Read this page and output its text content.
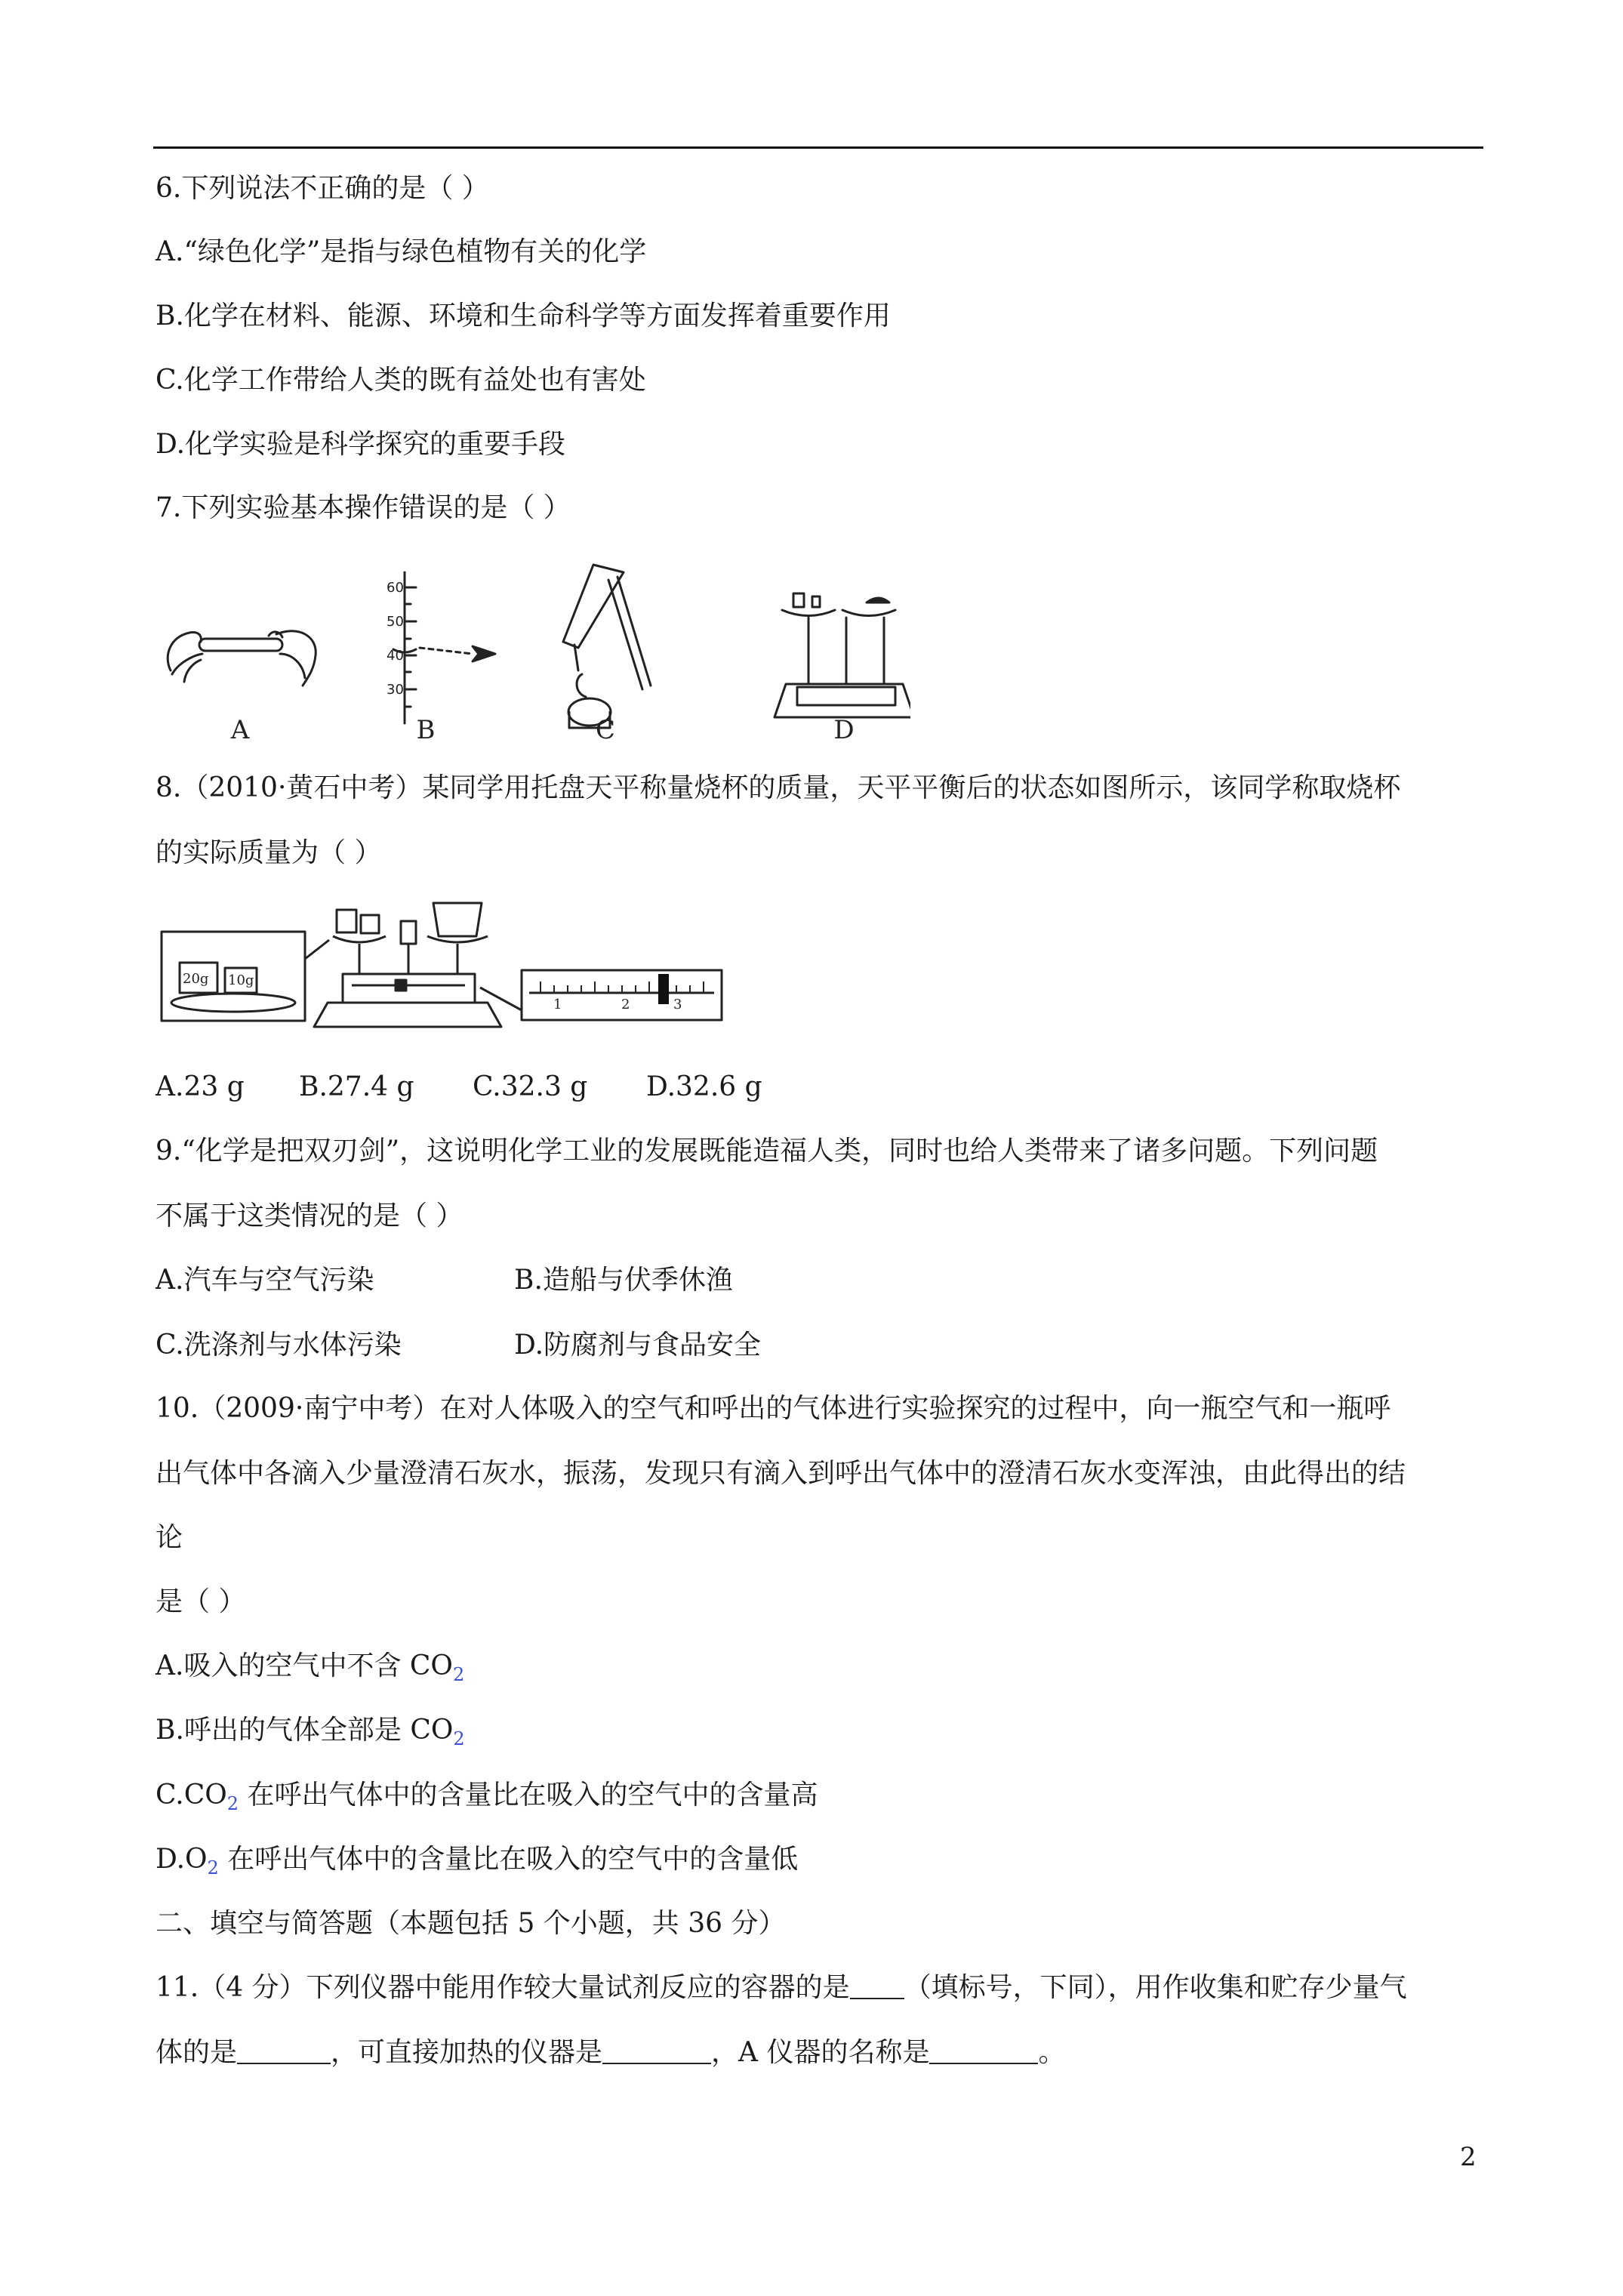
6.下列说法不正确的是（ ）
A.“绿色化学”是指与绿色植物有关的化学
B.化学在材料、能源、环境和生命科学等方面发挥着重要作用
C.化学工作带给人类的既有益处也有害处
D.化学实验是科学探究的重要手段
7.下列实验基本操作错误的是（ ）
A	B	C	D
60
50
40
30
8.（2010·黄石中考）某同学用托盘天平称量烧杯的质量，天平平衡后的状态如图所示，该同学称取烧杯
的实际质量为（ ）
20g 10g
1	2	3
A.23 g B.27.4 g C.32.3 g D.32.6 g
9.“化学是把双刃剑”，这说明化学工业的发展既能造福人类，同时也给人类带来了诸多问题。下列问题
不属于这类情况的是（ ）
A.汽车与空气污染	B.造船与伏季休渔
C.洗涤剂与水体污染	D.防腐剂与食品安全
10.（2009·南宁中考）在对人体吸入的空气和呼出的气体进行实验探究的过程中，向一瓶空气和一瓶呼
出气体中各滴入少量澄清石灰水，振荡，发现只有滴入到呼出气体中的澄清石灰水变浑浊，由此得出的结
论
是（ ）
A.吸入的空气中不含 $CO_2$
B.呼出的气体全部是 $CO_2$
$C.CO_2$ 在呼出气体中的含量比在吸入的空气中的含量高
$D.O_2$ 在呼出气体中的含量比在吸入的空气中的含量低
二、填空与简答题（本题包括 5 个小题，共 36 分）
11.（4 分）下列仪器中能用作较大量试剂反应的容器的是 （填标号，下同），用作收集和贮存少量气
体的是	，可直接加热的仪器是	，A 仪器的名称是	。
2
